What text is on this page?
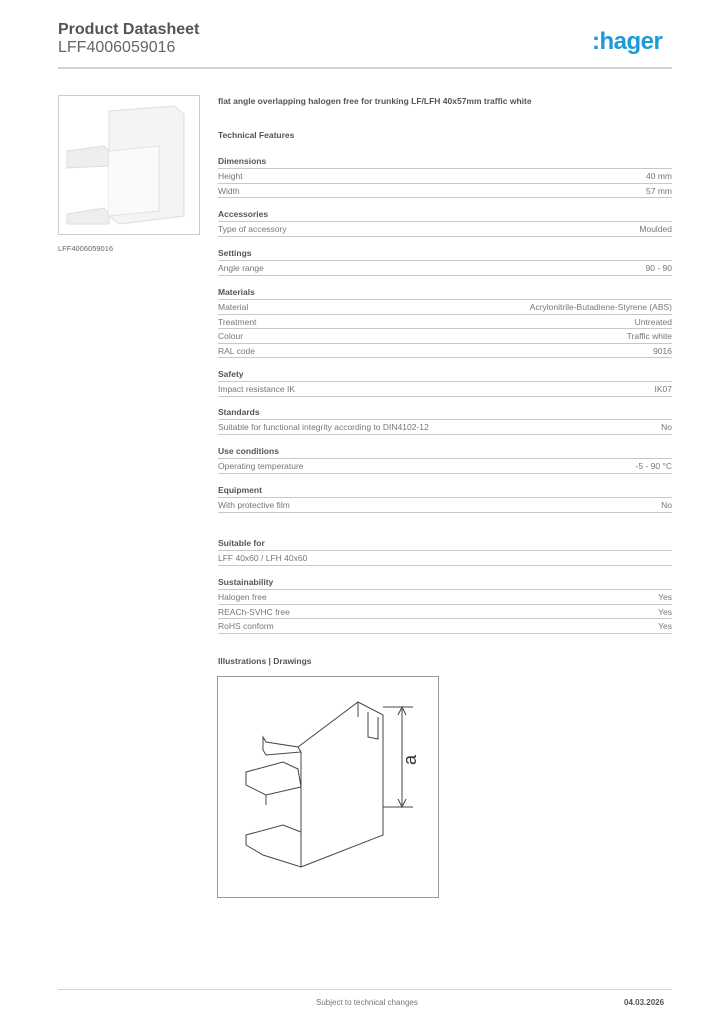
Product Datasheet
LFF4006059016	:hager
LFF4006059016
flat angle overlapping halogen free for trunking LF/LFH 40x57mm traffic white
Technical Features
Dimensions
Height	40 mm
Width	57 mm
Accessories
Type of accessory	Moulded
Settings
Angle range	90 - 90
Materials
Material	Acrylonitrile-Butadiene-Styrene (ABS)
Treatment	Untreated
Colour	Traffic white
RAL code	9016
Safety
Impact resistance IK	IK07
Standards
Suitable for functional integrity according to DIN4102-12	No
Use conditions
Operating temperature	-5 - 90 °C
Equipment
With protective film	No
Suitable for
LFF 40x60 / LFH 40x60
Sustainability
Halogen free	Yes
REACh-SVHC free	Yes
RoHS conform	Yes
Illustrations | Drawings
a
Subject to technical changes	04.03.2026
